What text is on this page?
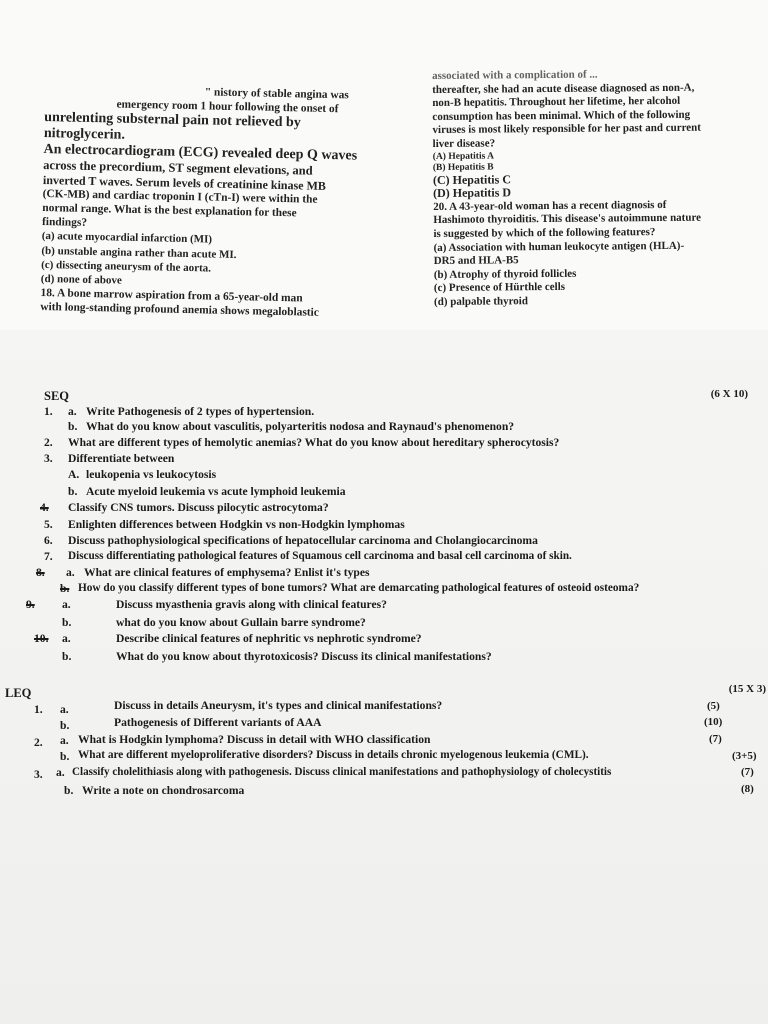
" nistory of stable angina was

emergency room 1 hour following the onset of

unrelenting substernal pain not relieved by nitroglycerin.

An electrocardiogram (ECG) revealed deep Q waves

across the precordium, ST segment elevations, and

inverted T waves. Serum levels of creatinine kinase MB

(CK-MB) and cardiac troponin I (cTn-I) were within the

normal range. What is the best explanation for these

findings?

(a) acute myocardial infarction (MI)

(b) unstable angina rather than acute MI.

(c) dissecting aneurysm of the aorta.

(d) none of above

18. A bone marrow aspiration from a 65-year-old man

with long-standing profound anemia shows megaloblastic

associated with a complication of ...

thereafter, she had an acute disease diagnosed as non-A,

non-B hepatitis. Throughout her lifetime, her alcohol

consumption has been minimal. Which of the following

viruses is most likely responsible for her past and current

liver disease?

(A) Hepatitis A

(B) Hepatitis B

(C) Hepatitis C

(D) Hepatitis D

20. A 43-year-old woman has a recent diagnosis of

Hashimoto thyroiditis. This disease's autoimmune nature

is suggested by which of the following features?

(a) Association with human leukocyte antigen (HLA)-

DR5 and HLA-B5

(b) Atrophy of thyroid follicles

(c) Presence of Hürthle cells

(d) palpable thyroid

SEQ	(6 X 10)
1. a. Write Pathogenesis of 2 types of hypertension.
b. What do you know about vasculitis, polyarteritis nodosa and Raynaud's phenomenon?
2. What are different types of hemolytic anemias? What do you know about hereditary spherocytosis?
3. Differentiate between
A. leukopenia vs leukocytosis
b. Acute myeloid leukemia vs acute lymphoid leukemia
4. Classify CNS tumors. Discuss pilocytic astrocytoma?
5. Enlighten differences between Hodgkin vs non-Hodgkin lymphomas
6. Discuss pathophysiological specifications of hepatocellular carcinoma and Cholangiocarcinoma
7. Discuss differentiating pathological features of Squamous cell carcinoma and basal cell carcinoma of skin.
8. a. What are clinical features of emphysema? Enlist it's types
b. How do you classify different types of bone tumors? What are demarcating pathological features of osteoid osteoma?
9. a.	Discuss myasthenia gravis along with clinical features?
b.	what do you know about Gullain barre syndrome?
10. a.	Describe clinical features of nephritic vs nephrotic syndrome?
b.	What do you know about thyrotoxicosis? Discuss its clinical manifestations?
LEQ	(15 X 3)
1. a.	Discuss in details Aneurysm, it's types and clinical manifestations?	(5)
b.	Pathogenesis of Different variants of AAA	(10)
2. a. What is Hodgkin lymphoma? Discuss in detail with WHO classification	(7)
b. What are different myeloproliferative disorders? Discuss in details chronic myelogenous leukemia (CML).	(3+5)
3. a. Classify cholelithiasis along with pathogenesis. Discuss clinical manifestations and pathophysiology of cholecystitis	(7)
b. Write a note on chondrosarcoma	(8)
